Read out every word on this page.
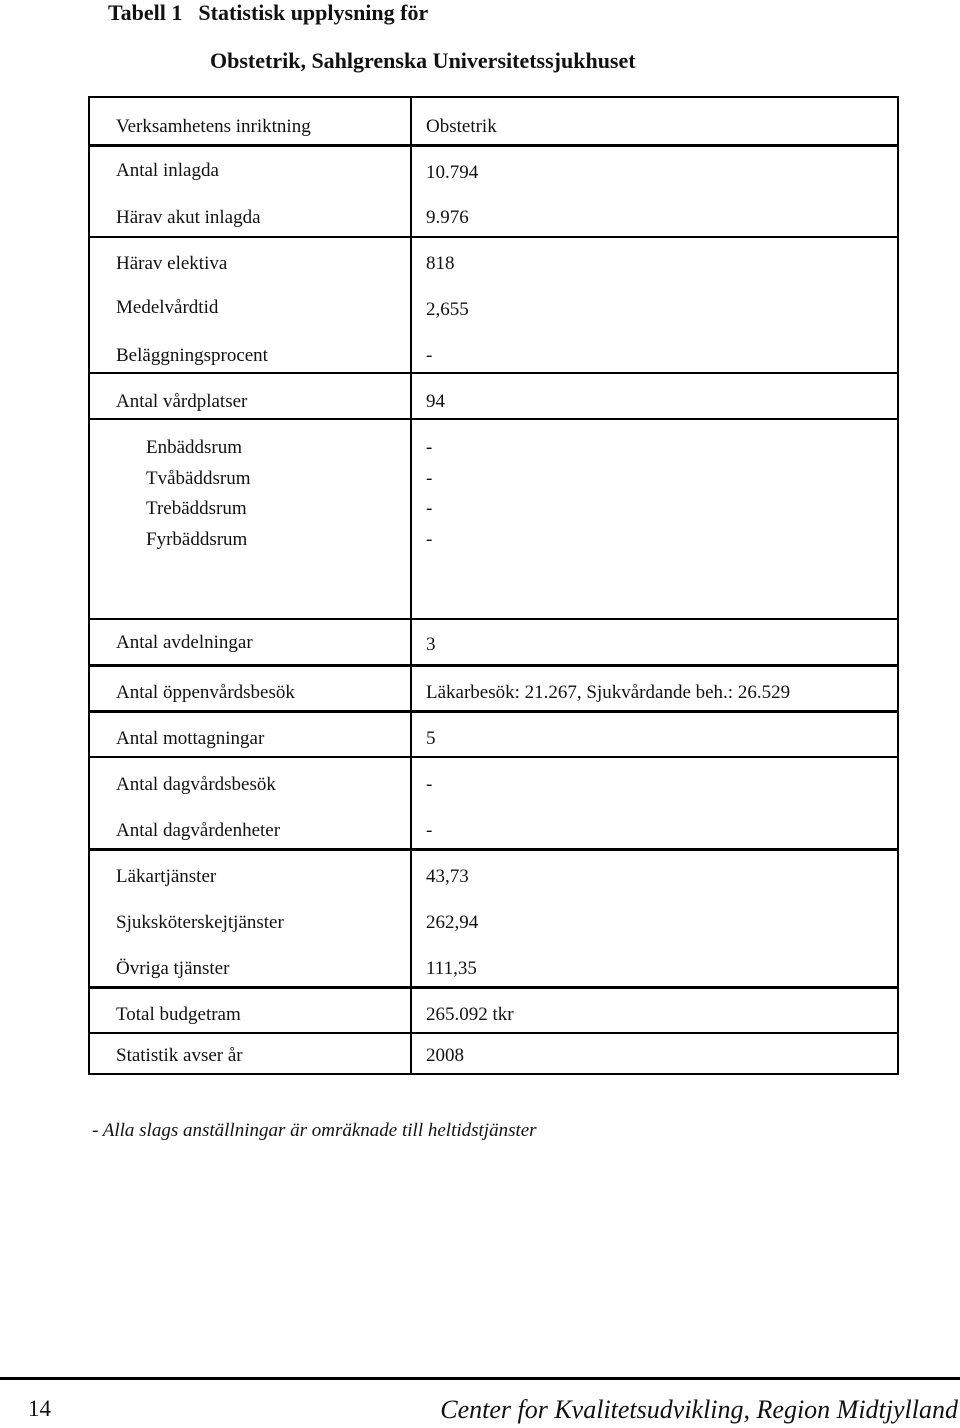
Tabell 1 Statistisk upplysning för
Obstetrik, Sahlgrenska Universitetssjukhuset
Verksamhetens inriktning	Obstetrik
Antal inlagda	10.794
Härav akut inlagda	9.976
Härav elektiva	818
Medelvårdtid	2,655
Beläggningsprocent	-
Antal vårdplatser	94
Enbäddsrum	-
Tvåbäddsrum	-
Trebäddsrum	-
Fyrbäddsrum	-
Antal avdelningar	3
Antal öppenvårdsbesök	Läkarbesök: 21.267, Sjukvårdande beh.: 26.529
Antal mottagningar	5
Antal dagvårdsbesök	-
Antal dagvårdenheter	-
Läkartjänster	43,73
Sjuksköterskejtjänster	262,94
Övriga tjänster	111,35
Total budgetram	265.092 tkr
Statistik avser år	2008
- Alla slags anställningar är omräknade till heltidstjänster
14	Center for Kvalitetsudvikling, Region Midtjylland
